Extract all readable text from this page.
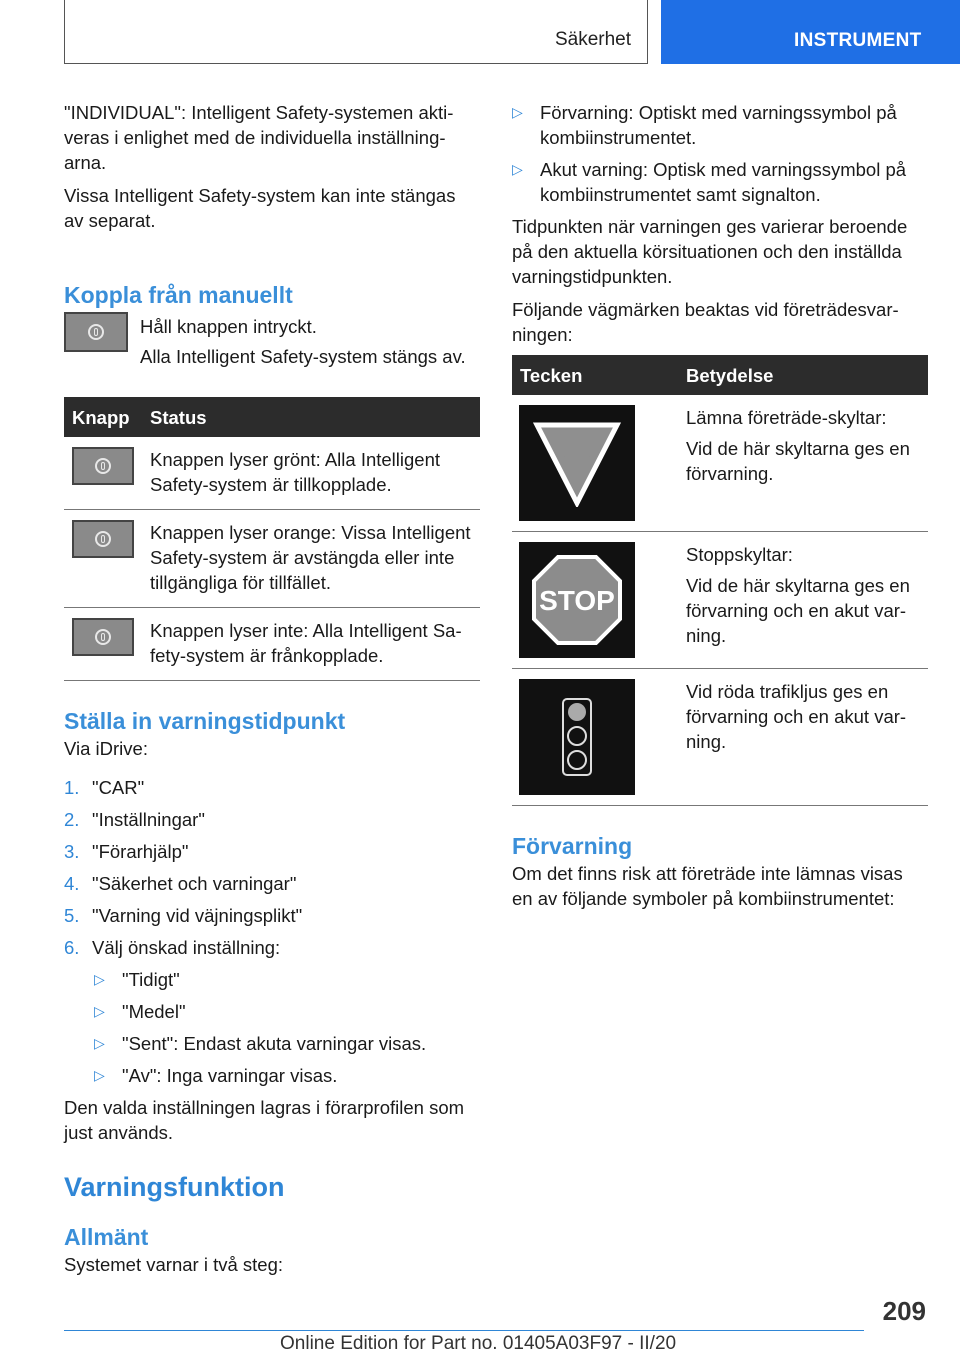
Säkerhet	INSTRUMENT

"INDIVIDUAL": Intelligent Safety-systemen aktiveras i enlighet med de individuella inställningarna.

Vissa Intelligent Safety-system kan inte stängas av separat.

Koppla från manuellt
Håll knappen intryckt.
Alla Intelligent Safety-system stängs av.
Knapp	Status

	Knappen lyser grönt: Alla Intelligent Safety-system är tillkopplade.

	Knappen lyser orange: Vissa Intelligent Safety-system är avstängda eller inte tillgängliga för tillfället.

	Knappen lyser inte: Alla Intelligent Safety-system är frånkopplade.
Ställa in varningstidpunkt

Via iDrive:

1. "CAR"
2. "Inställningar"
3. "Förarhjälp"
4. "Säkerhet och varningar"
5. "Varning vid väjningsplikt"
6. Välj önskad inställning:
▷ "Tidigt"
▷ "Medel"
▷ "Sent": Endast akuta varningar visas.
▷ "Av": Inga varningar visas.

Den valda inställningen lagras i förarprofilen som just används.

Varningsfunktion
Allmänt

Systemet varnar i två steg:

▷ Förvarning: Optiskt med varningssymbol på kombiinstrumentet.
▷ Akut varning: Optisk med varningssymbol på kombiinstrumentet samt signalton.

Tidpunkten när varningen ges varierar beroende på den aktuella körsituationen och den inställda varningstidpunkten.

Följande vägmärken beaktas vid företrädesvarningen:

Tecken	Betydelse

Lämna företräde-skyltar:
Vid de här skyltarna ges en förvarning.

STOP	Stoppskyltar:
Vid de här skyltarna ges en förvarning och en akut varning.

	Vid röda trafikljus ges en förvarning och en akut varning.
Förvarning

Om det finns risk att företräde inte lämnas visas en av följande symboler på kombiinstrumentet:

209
Online Edition for Part no. 01405A03F97 - II/20
